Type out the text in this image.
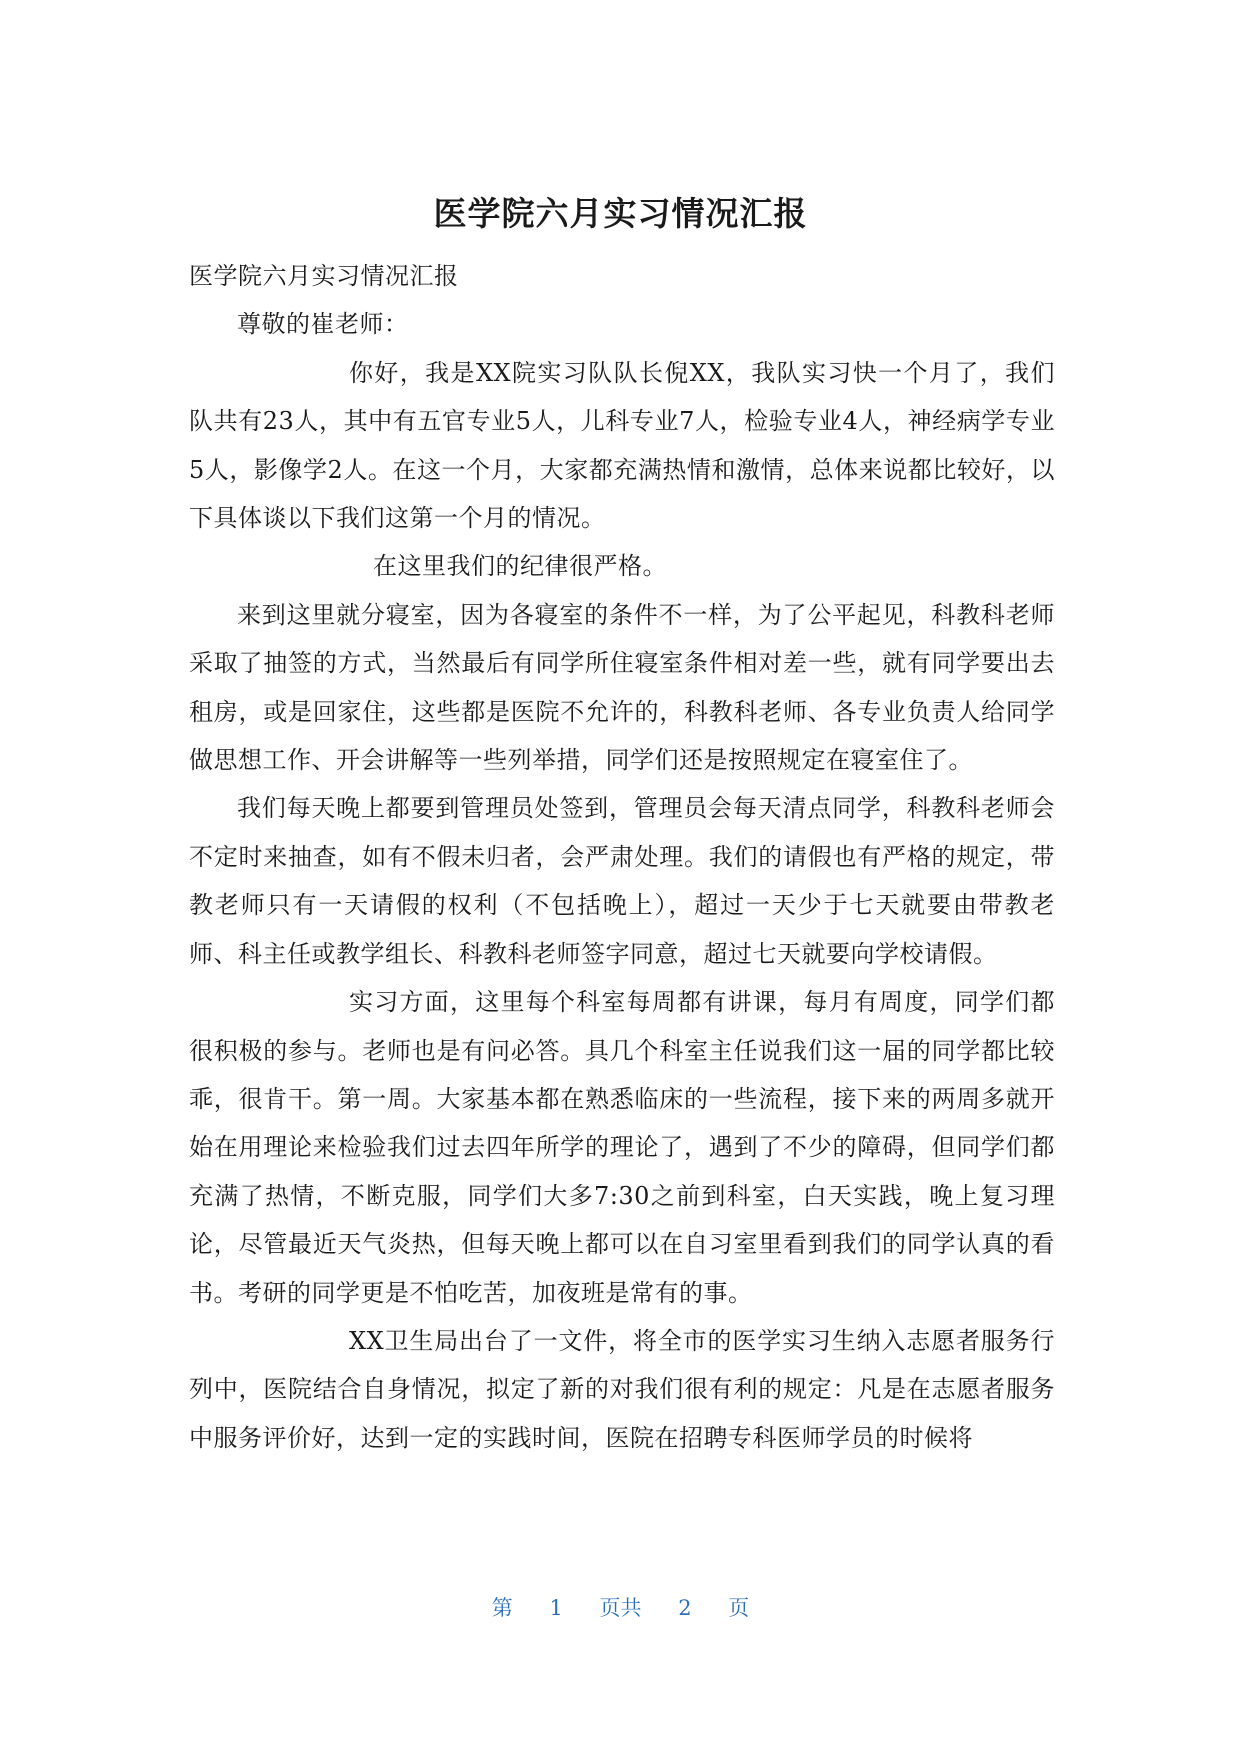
医学院六月实习情况汇报

医学院六月实习情况汇报

尊敬的崔老师：

你好，我是XX院实习队队长倪XX，我队实习快一个月了，我们队共有23人，其中有五官专业5人，儿科专业7人，检验专业4人，神经病学专业5人，影像学2人。在这一个月，大家都充满热情和激情，总体来说都比较好，以下具体谈以下我们这第一个月的情况。

在这里我们的纪律很严格。

来到这里就分寝室，因为各寝室的条件不一样，为了公平起见，科教科老师采取了抽签的方式，当然最后有同学所住寝室条件相对差一些，就有同学要出去租房，或是回家住，这些都是医院不允许的，科教科老师、各专业负责人给同学做思想工作、开会讲解等一些列举措，同学们还是按照规定在寝室住了。

我们每天晚上都要到管理员处签到，管理员会每天清点同学，科教科老师会不定时来抽查，如有不假未归者，会严肃处理。我们的请假也有严格的规定，带教老师只有一天请假的权利（不包括晚上），超过一天少于七天就要由带教老师、科主任或教学组长、科教科老师签字同意，超过七天就要向学校请假。

实习方面，这里每个科室每周都有讲课，每月有周度，同学们都很积极的参与。老师也是有问必答。具几个科室主任说我们这一届的同学都比较乖，很肯干。第一周。大家基本都在熟悉临床的一些流程，接下来的两周多就开始在用理论来检验我们过去四年所学的理论了，遇到了不少的障碍，但同学们都充满了热情，不断克服，同学们大多7:30之前到科室，白天实践，晚上复习理论，尽管最近天气炎热，但每天晚上都可以在自习室里看到我们的同学认真的看书。考研的同学更是不怕吃苦，加夜班是常有的事。

XX卫生局出台了一文件，将全市的医学实习生纳入志愿者服务行列中，医院结合自身情况，拟定了新的对我们很有利的规定：凡是在志愿者服务中服务评价好，达到一定的实践时间，医院在招聘专科医师学员的时候将

第 1 页共 2 页
